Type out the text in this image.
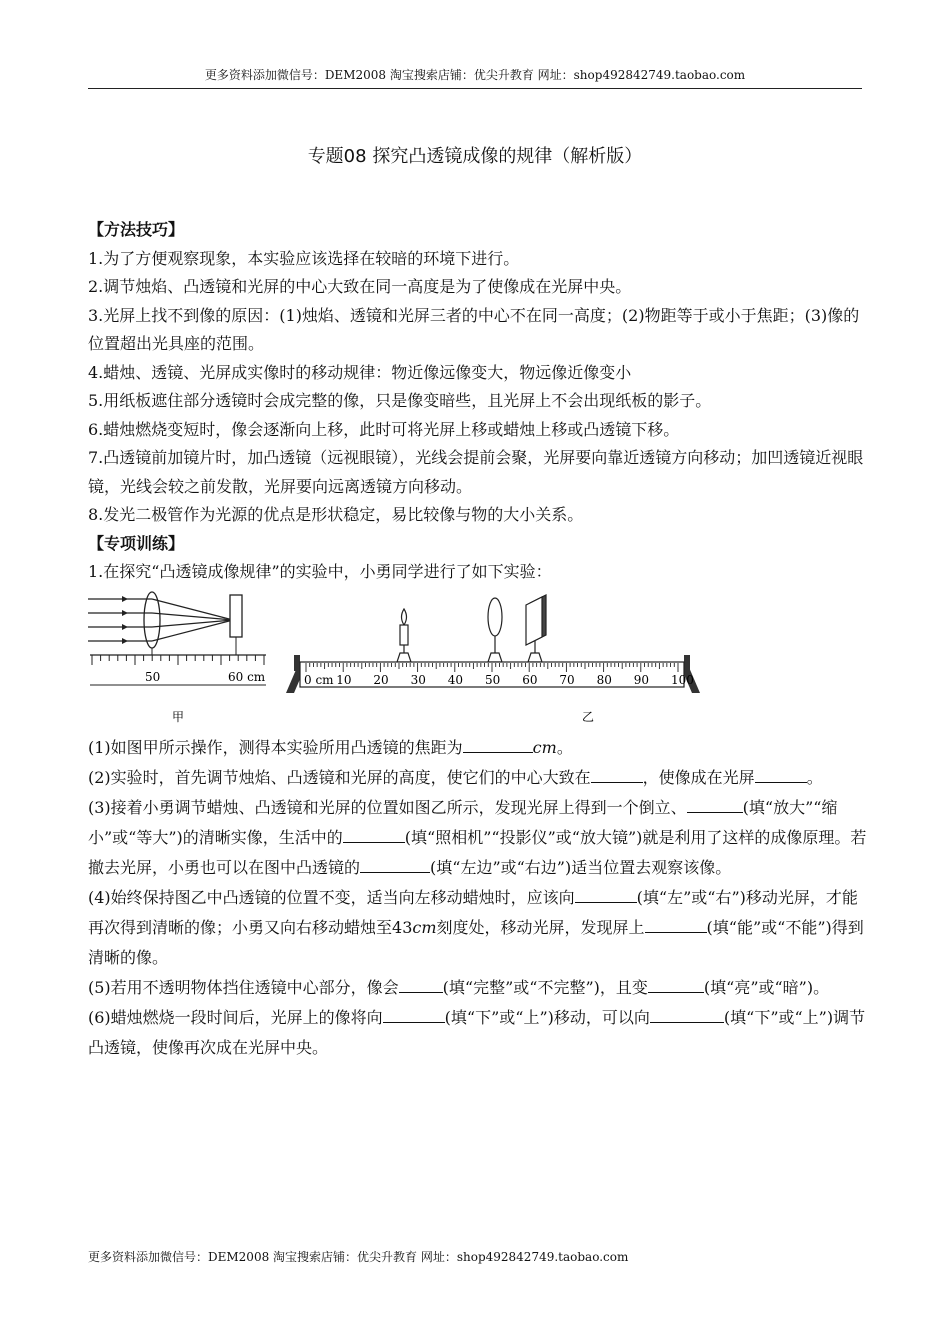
更多资料添加微信号：DEM2008 淘宝搜索店铺：优尖升教育 网址：shop492842749.taobao.com
专题08 探究凸透镜成像的规律（解析版）

【方法技巧】

1.为了方便观察现象，本实验应该选择在较暗的环境下进行。

2.调节烛焰、凸透镜和光屏的中心大致在同一高度是为了使像成在光屏中央。

3.光屏上找不到像的原因：(1)烛焰、透镜和光屏三者的中心不在同一高度；(2)物距等于或小于焦距；(3)像的位置超出光具座的范围。

4.蜡烛、透镜、光屏成实像时的移动规律：物近像远像变大，物远像近像变小

5.用纸板遮住部分透镜时会成完整的像，只是像变暗些，且光屏上不会出现纸板的影子。

6.蜡烛燃烧变短时，像会逐渐向上移，此时可将光屏上移或蜡烛上移或凸透镜下移。

7.凸透镜前加镜片时，加凸透镜（远视眼镜），光线会提前会聚，光屏要向靠近透镜方向移动；加凹透镜近视眼镜，光线会较之前发散，光屏要向远离透镜方向移动。

8.发光二极管作为光源的优点是形状稳定，易比较像与物的大小关系。

【专项训练】

1.在探究“凸透镜成像规律”的实验中，小勇同学进行了如下实验：

50	60 cm
甲
0 cm 10 20 30 40 50 60 70 80 90 100
乙

(1)如图甲所示操作，测得本实验所用凸透镜的焦距为	cm。

(2)实验时，首先调节烛焰、凸透镜和光屏的高度，使它们的中心大致在	，使像成在光屏	。

(3)接着小勇调节蜡烛、凸透镜和光屏的位置如图乙所示，发现光屏上得到一个倒立、	(填“放大”“缩小”或“等大”)的清晰实像，生活中的	(填“照相机”“投影仪”或“放大镜”)就是利用了这样的成像原理。若撤去光屏，小勇也可以在图中凸透镜的	(填“左边”或“右边”)适当位置去观察该像。

(4)始终保持图乙中凸透镜的位置不变，适当向左移动蜡烛时，应该向	(填“左”或“右”)移动光屏，才能再次得到清晰的像；小勇又向右移动蜡烛至43cm刻度处，移动光屏，发现屏上	(填“能”或“不能”)得到清晰的像。

(5)若用不透明物体挡住透镜中心部分，像会	(填“完整”或“不完整”)，且变	(填“亮”或“暗”)。

(6)蜡烛燃烧一段时间后，光屏上的像将向	(填“下”或“上”)移动，可以向	(填“下”或“上”)调节凸透镜，使像再次成在光屏中央。

更多资料添加微信号：DEM2008 淘宝搜索店铺：优尖升教育 网址：shop492842749.taobao.com
